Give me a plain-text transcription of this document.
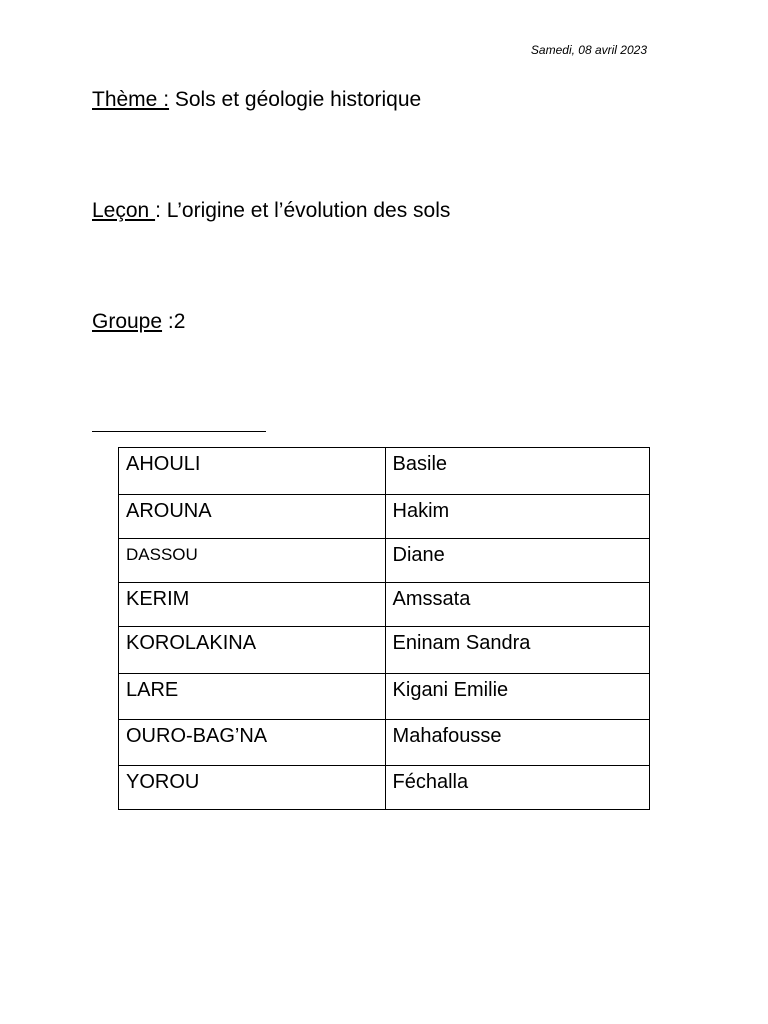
Samedi, 08 avril 2023
Thème : Sols et géologie historique
Leçon : L’origine et l’évolution des sols
Groupe :2
AHOULI	Basile
AROUNA	Hakim
DASSOU	Diane
KERIM	Amssata
KOROLAKINA	Eninam Sandra
LARE	Kigani Emilie
OURO-BAG’NA	Mahafousse
YOROU	Féchalla
